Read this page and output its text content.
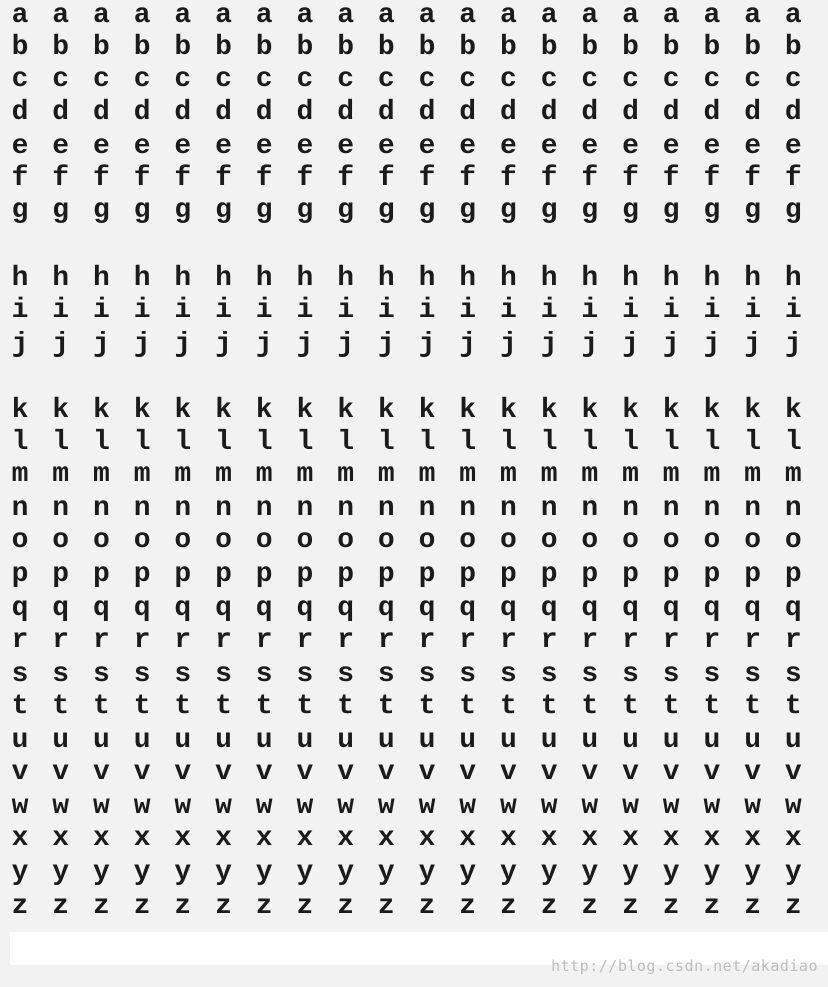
a a a a a a a a a a a a a a a a a a a a
b b b b b b b b b b b b b b b b b b b b
c c c c c c c c c c c c c c c c c c c c
d d d d d d d d d d d d d d d d d d d d
e e e e e e e e e e e e e e e e e e e e
f f f f f f f f f f f f f f f f f f f f
g g g g g g g g g g g g g g g g g g g g
h h h h h h h h h h h h h h h h h h h h
i i i i i i i i i i i i i i i i i i i i
j j j j j j j j j j j j j j j j j j j j
k k k k k k k k k k k k k k k k k k k k
l l l l l l l l l l l l l l l l l l l l
m m m m m m m m m m m m m m m m m m m m
n n n n n n n n n n n n n n n n n n n n
o o o o o o o o o o o o o o o o o o o o
p p p p p p p p p p p p p p p p p p p p
q q q q q q q q q q q q q q q q q q q q
r r r r r r r r r r r r r r r r r r r r
s s s s s s s s s s s s s s s s s s s s
t t t t t t t t t t t t t t t t t t t t
u u u u u u u u u u u u u u u u u u u u
v v v v v v v v v v v v v v v v v v v v
w w w w w w w w w w w w w w w w w w w w
x x x x x x x x x x x x x x x x x x x x
y y y y y y y y y y y y y y y y y y y y
z z z z z z z z z z z z z z z z z z z z
http://blog.csdn.net/akadiao
